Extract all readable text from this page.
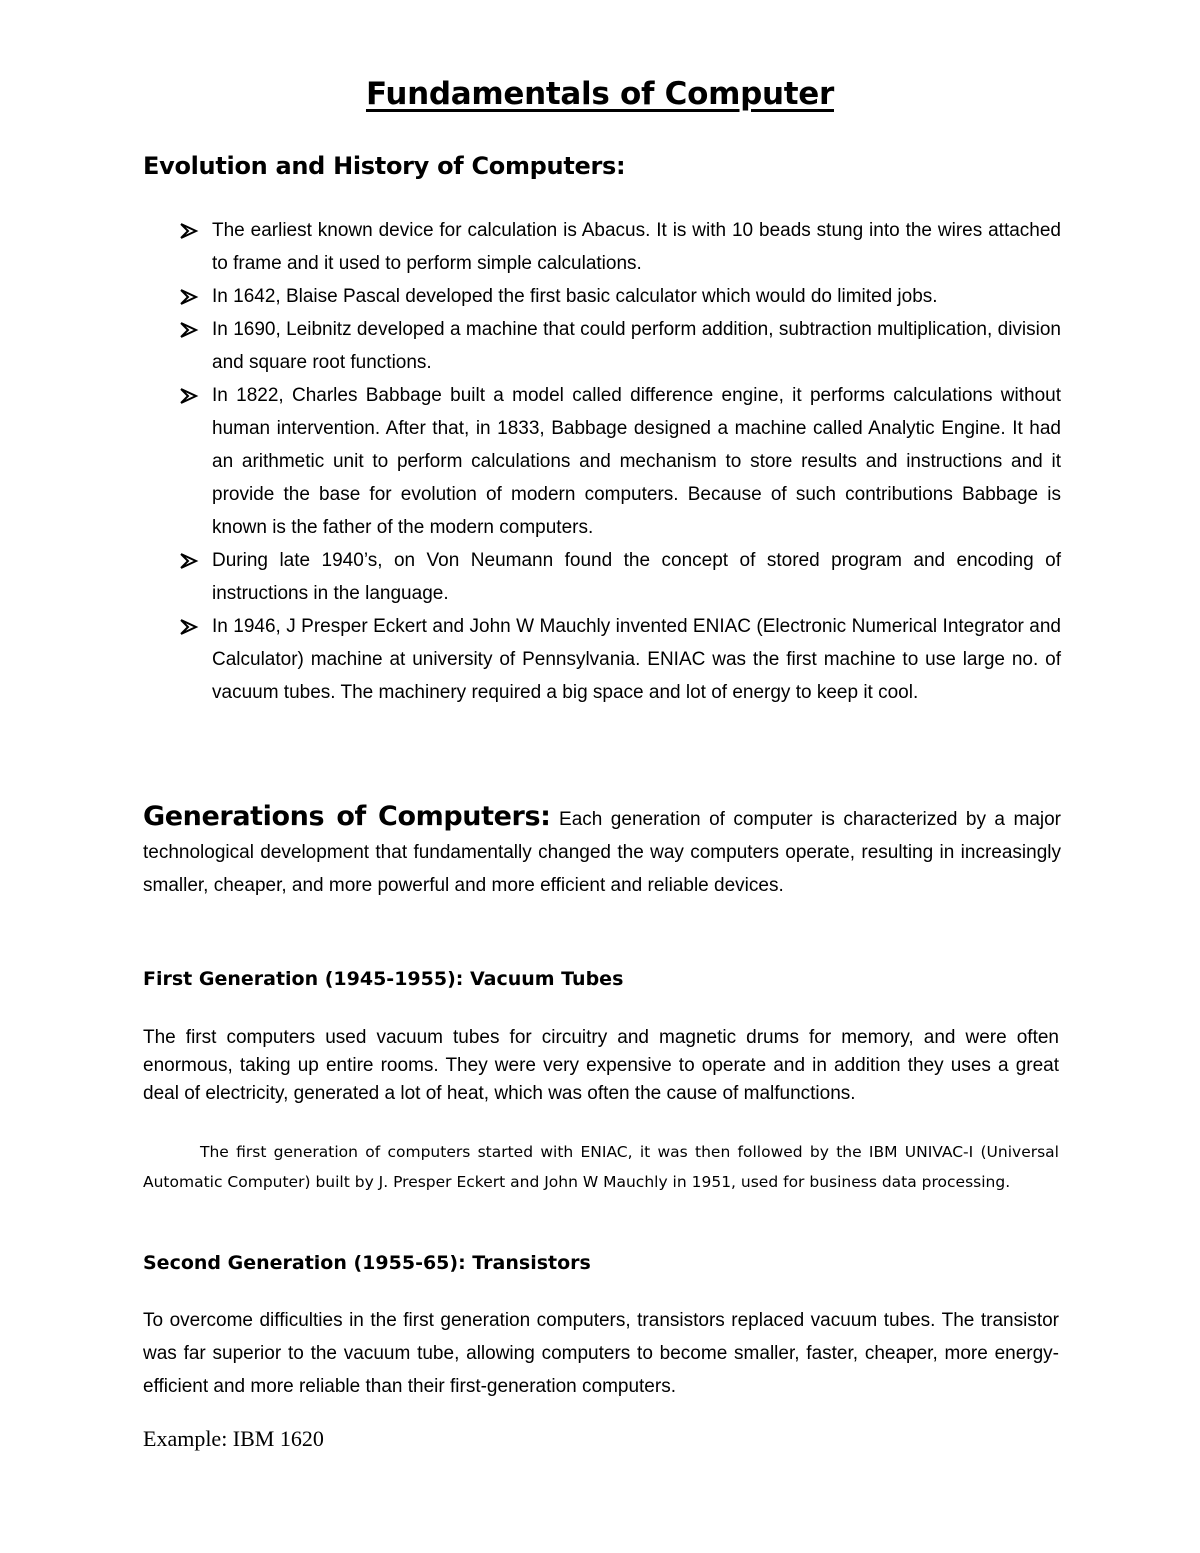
Fundamentals of Computer
Evolution and History of Computers:
The earliest known device for calculation is Abacus. It is with 10 beads stung into the wires attached to frame and it used to perform simple calculations.
In 1642, Blaise Pascal developed the first basic calculator which would do limited jobs.
In 1690, Leibnitz developed a machine that could perform addition, subtraction multiplication, division and square root functions.
In 1822, Charles Babbage built a model called difference engine, it performs calculations without human intervention. After that, in 1833, Babbage designed a machine called Analytic Engine. It had an arithmetic unit to perform calculations and mechanism to store results and instructions and it provide the base for evolution of modern computers. Because of such contributions Babbage is known is the father of the modern computers.
During late 1940’s, on Von Neumann found the concept of stored program and encoding of instructions in the language.
In 1946, J Presper Eckert and John W Mauchly invented ENIAC (Electronic Numerical Integrator and Calculator) machine at university of Pennsylvania. ENIAC was the first machine to use large no. of vacuum tubes. The machinery required a big space and lot of energy to keep it cool.
Generations of Computers: Each generation of computer is characterized by a major technological development that fundamentally changed the way computers operate, resulting in increasingly smaller, cheaper, and more powerful and more efficient and reliable devices.
First Generation (1945-1955): Vacuum Tubes
The first computers used vacuum tubes for circuitry and magnetic drums for memory, and were often enormous, taking up entire rooms. They were very expensive to operate and in addition they uses a great deal of electricity, generated a lot of heat, which was often the cause of malfunctions.
The first generation of computers started with ENIAC, it was then followed by the IBM UNIVAC-I (Universal Automatic Computer) built by J. Presper Eckert and John W Mauchly in 1951, used for business data processing.
Second Generation (1955-65): Transistors
To overcome difficulties in the first generation computers, transistors replaced vacuum tubes. The transistor was far superior to the vacuum tube, allowing computers to become smaller, faster, cheaper, more energy-efficient and more reliable than their first-generation computers.
Example: IBM 1620
